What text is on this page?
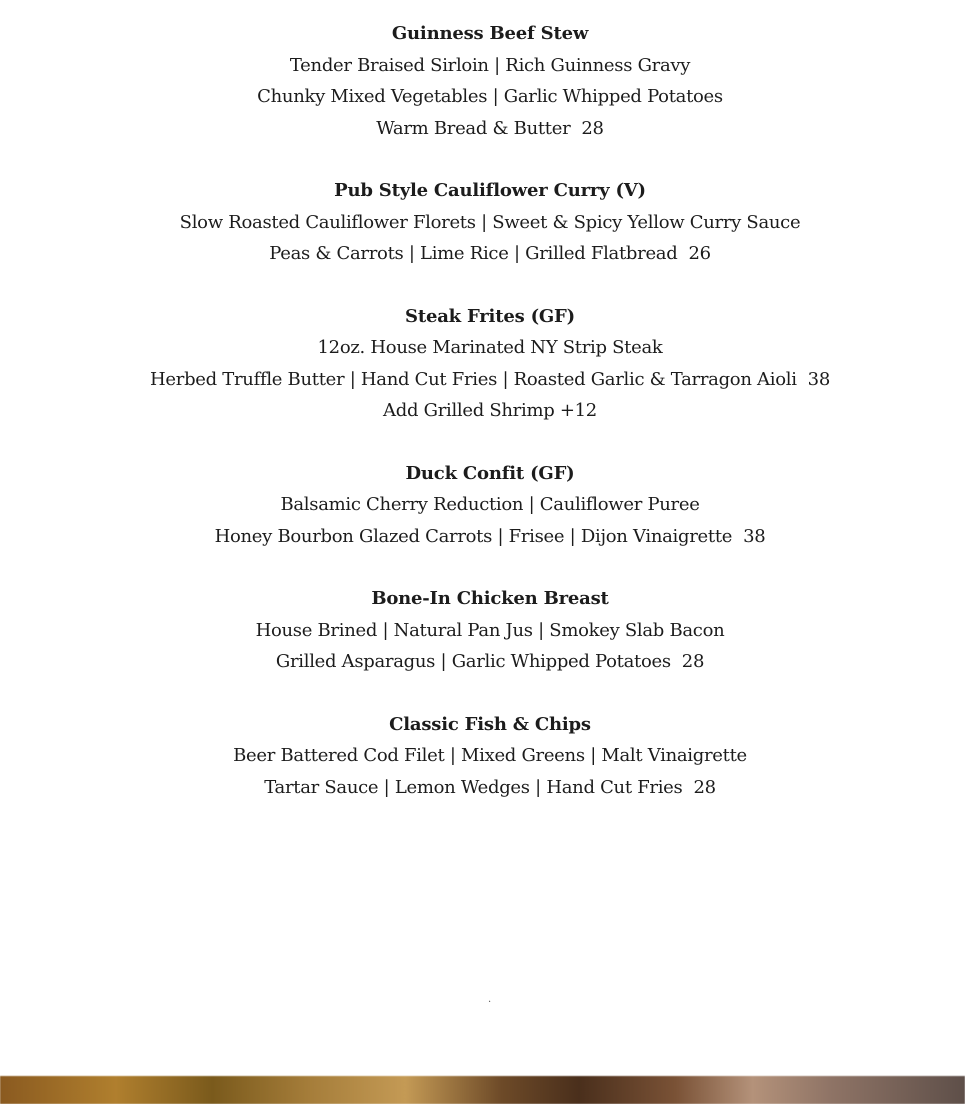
Guinness Beef Stew
Tender Braised Sirloin | Rich Guinness Gravy
Chunky Mixed Vegetables | Garlic Whipped Potatoes
Warm Bread & Butter 28
Pub Style Cauliflower Curry (V)
Slow Roasted Cauliflower Florets | Sweet & Spicy Yellow Curry Sauce
Peas & Carrots | Lime Rice | Grilled Flatbread 26
Steak Frites (GF)
12oz. House Marinated NY Strip Steak
Herbed Truffle Butter | Hand Cut Fries | Roasted Garlic & Tarragon Aioli 38
Add Grilled Shrimp +12
Duck Confit (GF)
Balsamic Cherry Reduction | Cauliflower Puree
Honey Bourbon Glazed Carrots | Frisee | Dijon Vinaigrette 38
Bone-In Chicken Breast
House Brined | Natural Pan Jus | Smokey Slab Bacon
Grilled Asparagus | Garlic Whipped Potatoes 28
Classic Fish & Chips
Beer Battered Cod Filet | Mixed Greens | Malt Vinaigrette
Tartar Sauce | Lemon Wedges | Hand Cut Fries 28
.
